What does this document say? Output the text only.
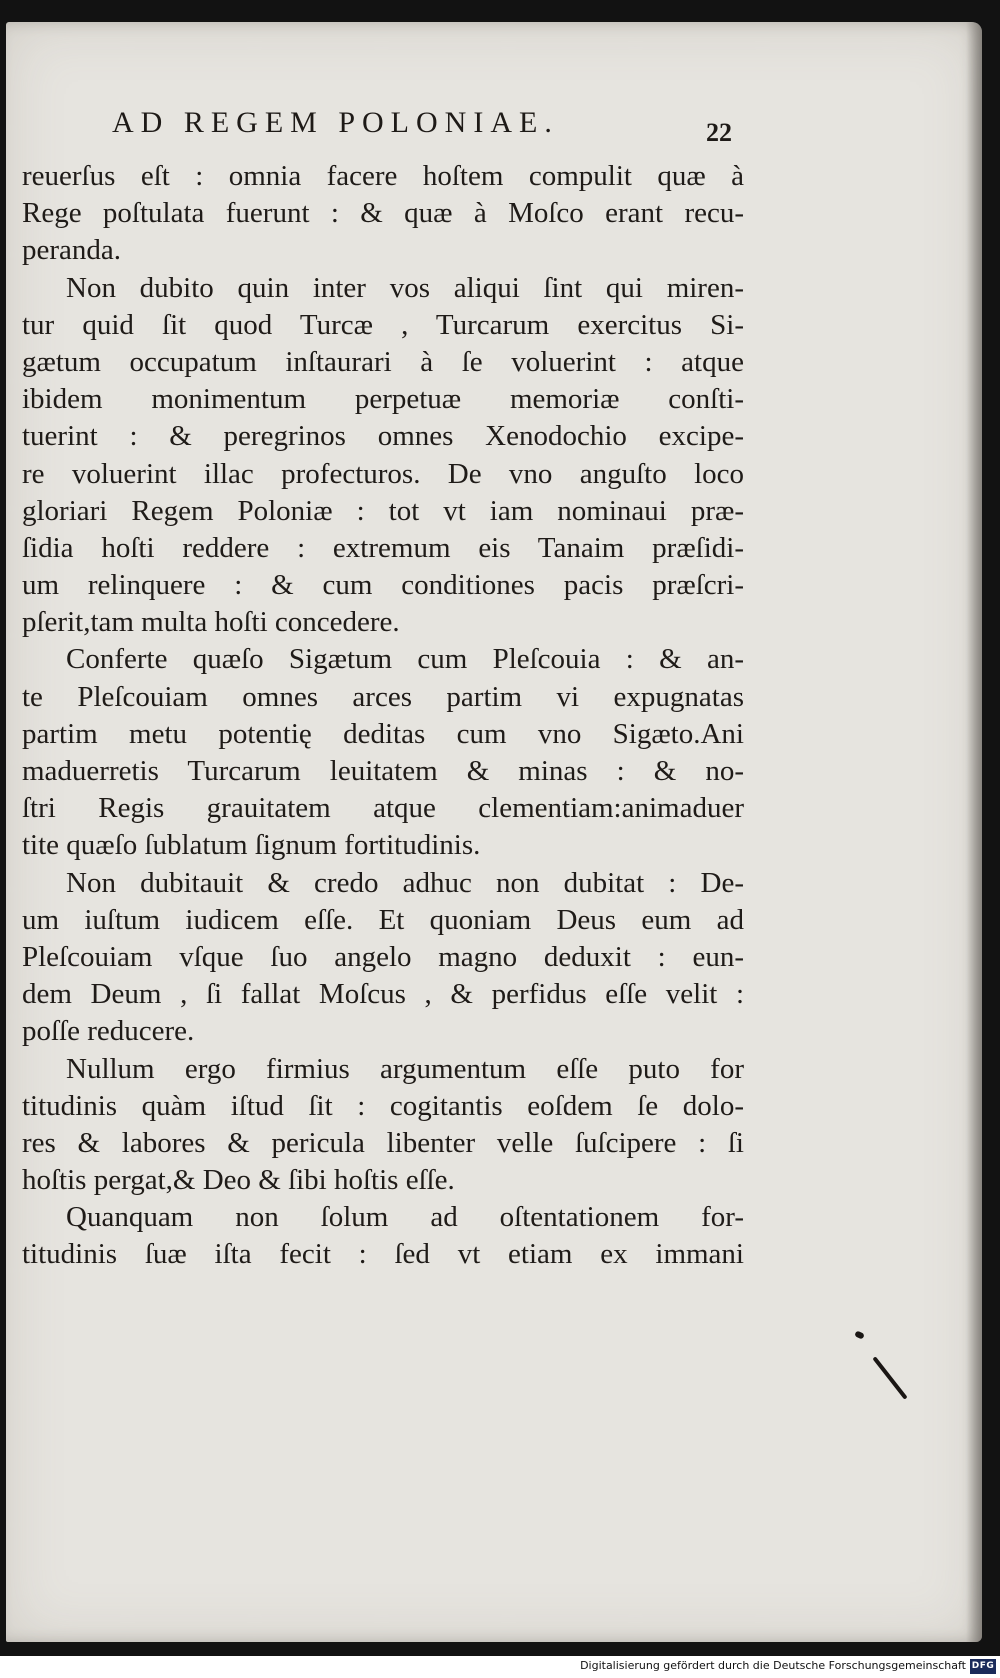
AD REGEM POLONIAE.	22
reuerſus eſt : omnia facere hoſtem compulit quæ à
Rege poſtulata fuerunt : & quæ à Moſco erant recu-
peranda.
Non dubito quin inter vos aliqui ſint qui miren-
tur quid ſit quod Turcæ , Turcarum exercitus Si-
gætum occupatum inſtaurari à ſe voluerint : atque
ibidem monimentum perpetuæ memoriæ conſti-
tuerint : & peregrinos omnes Xenodochio excipe-
re voluerint illac profecturos. De vno anguſto loco
gloriari Regem Poloniæ : tot vt iam nominaui præ-
ſidia hoſti reddere : extremum eis Tanaim præſidi-
um relinquere : & cum conditiones pacis præſcri-
pſerit,tam multa hoſti concedere.
Conferte quæſo Sigætum cum Pleſcouia : & an-
te Pleſcouiam omnes arces partim vi expugnatas
partim metu potentię deditas cum vno Sigæto.Ani
maduerretis Turcarum leuitatem & minas : & no-
ſtri Regis grauitatem atque clementiam:animaduer
tite quæſo ſublatum ſignum fortitudinis.
Non dubitauit & credo adhuc non dubitat : De-
um iuſtum iudicem eſſe. Et quoniam Deus eum ad
Pleſcouiam vſque ſuo angelo magno deduxit : eun-
dem Deum , ſi fallat Moſcus , & perfidus eſſe velit :
poſſe reducere.
Nullum ergo firmius argumentum eſſe puto for
titudinis quàm iſtud ſit : cogitantis eoſdem ſe dolo-
res & labores & pericula libenter velle ſuſcipere : ſi
hoſtis pergat,& Deo & ſibi hoſtis eſſe.
Quanquam non ſolum ad oſtentationem for-
titudinis ſuæ iſta fecit : ſed vt etiam ex immani
Digitalisierung gefördert durch die Deutsche Forschungsgemeinschaft DFG
